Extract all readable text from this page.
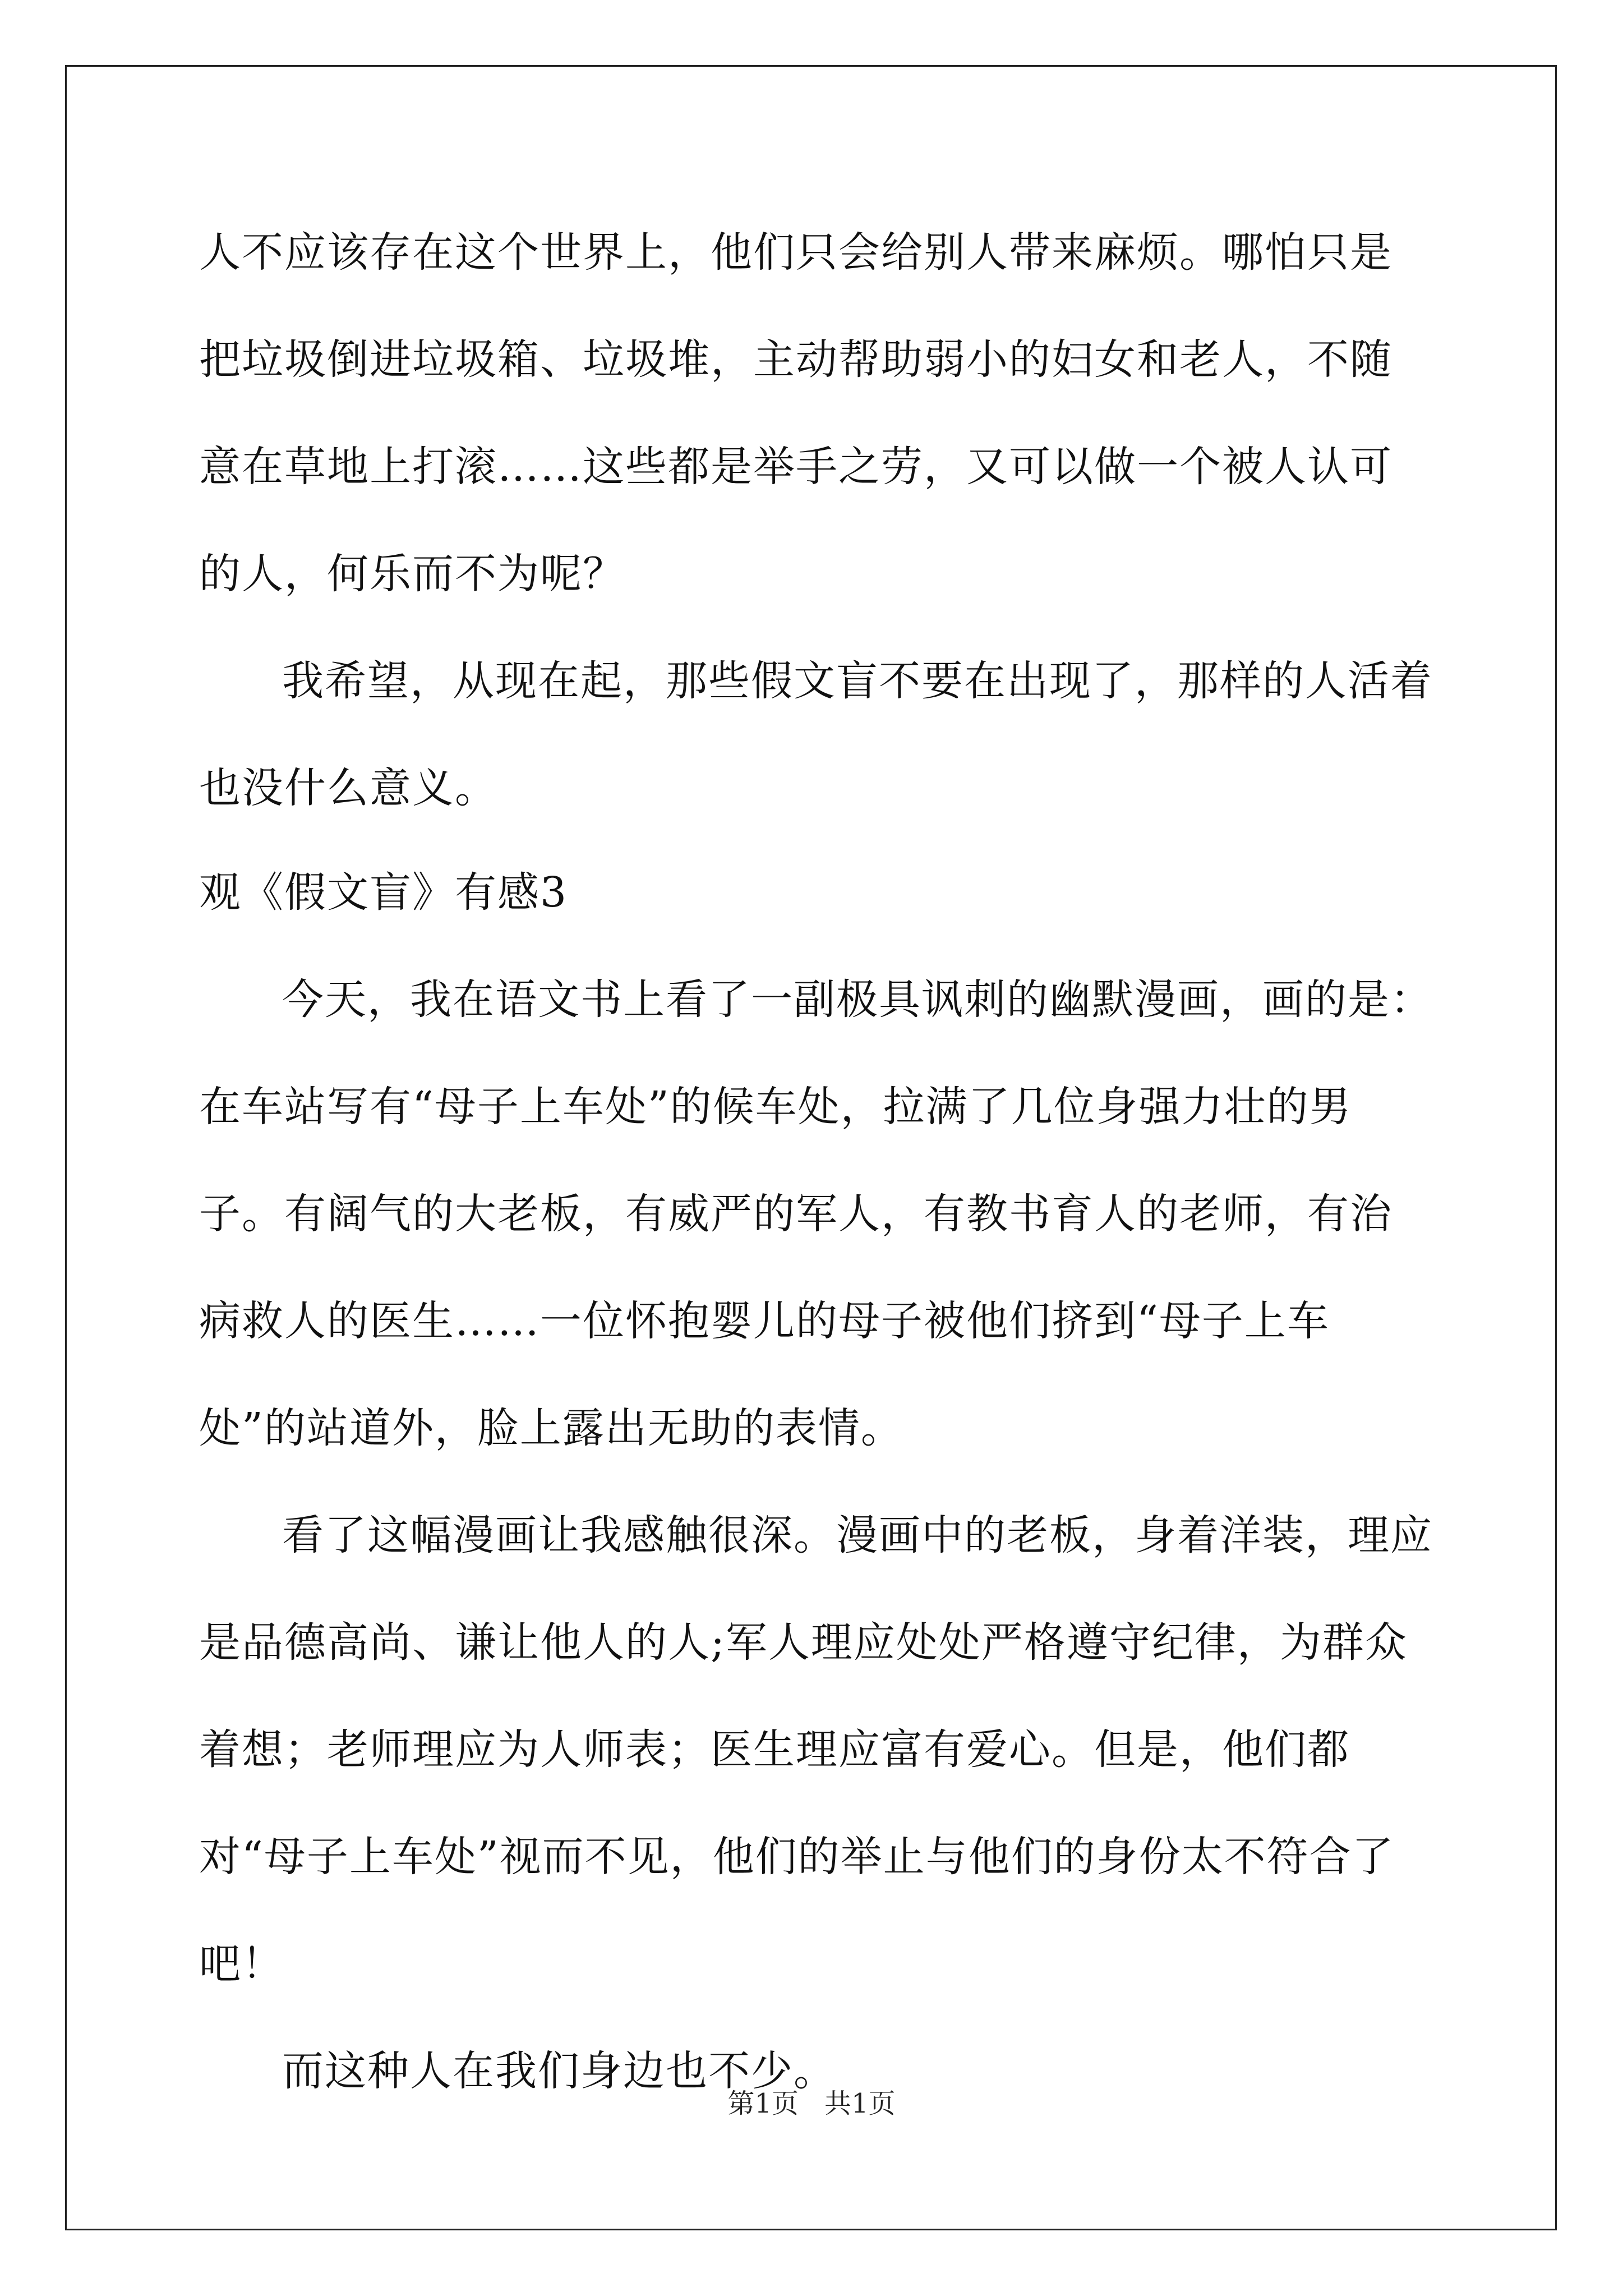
人不应该存在这个世界上，他们只会给别人带来麻烦。哪怕只是把垃圾倒进垃圾箱、垃圾堆，主动帮助弱小的妇女和老人，不随意在草地上打滚……这些都是举手之劳，又可以做一个被人认可的人，何乐而不为呢？

我希望，从现在起，那些假文盲不要在出现了，那样的人活着也没什么意义。

观《假文盲》有感3

今天，我在语文书上看了一副极具讽刺的幽默漫画，画的是：在车站写有“母子上车处”的候车处，拉满了几位身强力壮的男子。有阔气的大老板，有威严的军人，有教书育人的老师，有治病救人的医生……一位怀抱婴儿的母子被他们挤到“母子上车处”的站道外，脸上露出无助的表情。

看了这幅漫画让我感触很深。漫画中的老板，身着洋装，理应是品德高尚、谦让他人的人;军人理应处处严格遵守纪律，为群众着想；老师理应为人师表；医生理应富有爱心。但是，他们都对“母子上车处”视而不见，他们的举止与他们的身份太不符合了吧！

而这种人在我们身边也不少。

第1页 共1页
